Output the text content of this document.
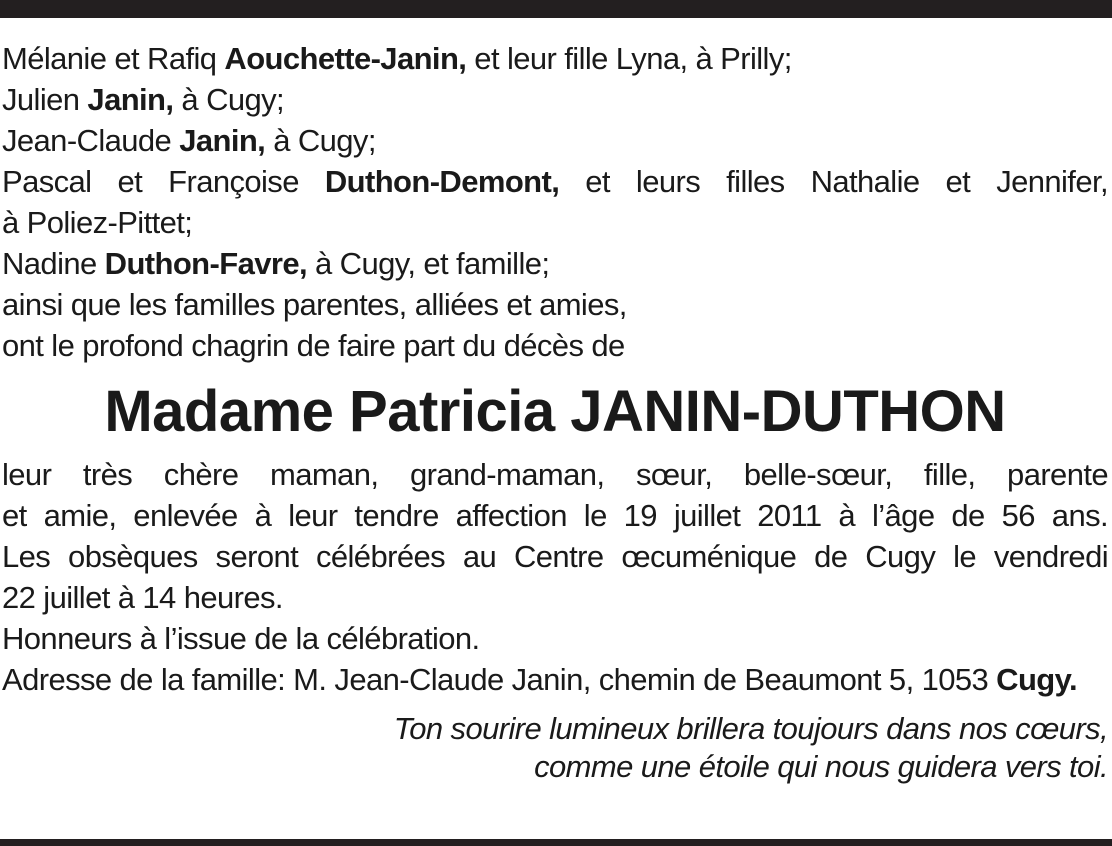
Mélanie et Rafiq Aouchette-Janin, et leur fille Lyna, à Prilly;
Julien Janin, à Cugy;
Jean-Claude Janin, à Cugy;
Pascal et Françoise Duthon-Demont, et leurs filles Nathalie et Jennifer,
à Poliez-Pittet;
Nadine Duthon-Favre, à Cugy, et famille;
ainsi que les familles parentes, alliées et amies,
ont le profond chagrin de faire part du décès de
Madame Patricia JANIN-DUTHON
leur très chère maman, grand-maman, sœur, belle-sœur, fille, parente
et amie, enlevée à leur tendre affection le 19 juillet 2011 à l’âge de 56 ans.
Les obsèques seront célébrées au Centre œcuménique de Cugy le vendredi
22 juillet à 14 heures.
Honneurs à l’issue de la célébration.
Adresse de la famille: M. Jean-Claude Janin, chemin de Beaumont 5, 1053 Cugy.
Ton sourire lumineux brillera toujours dans nos cœurs,
comme une étoile qui nous guidera vers toi.
